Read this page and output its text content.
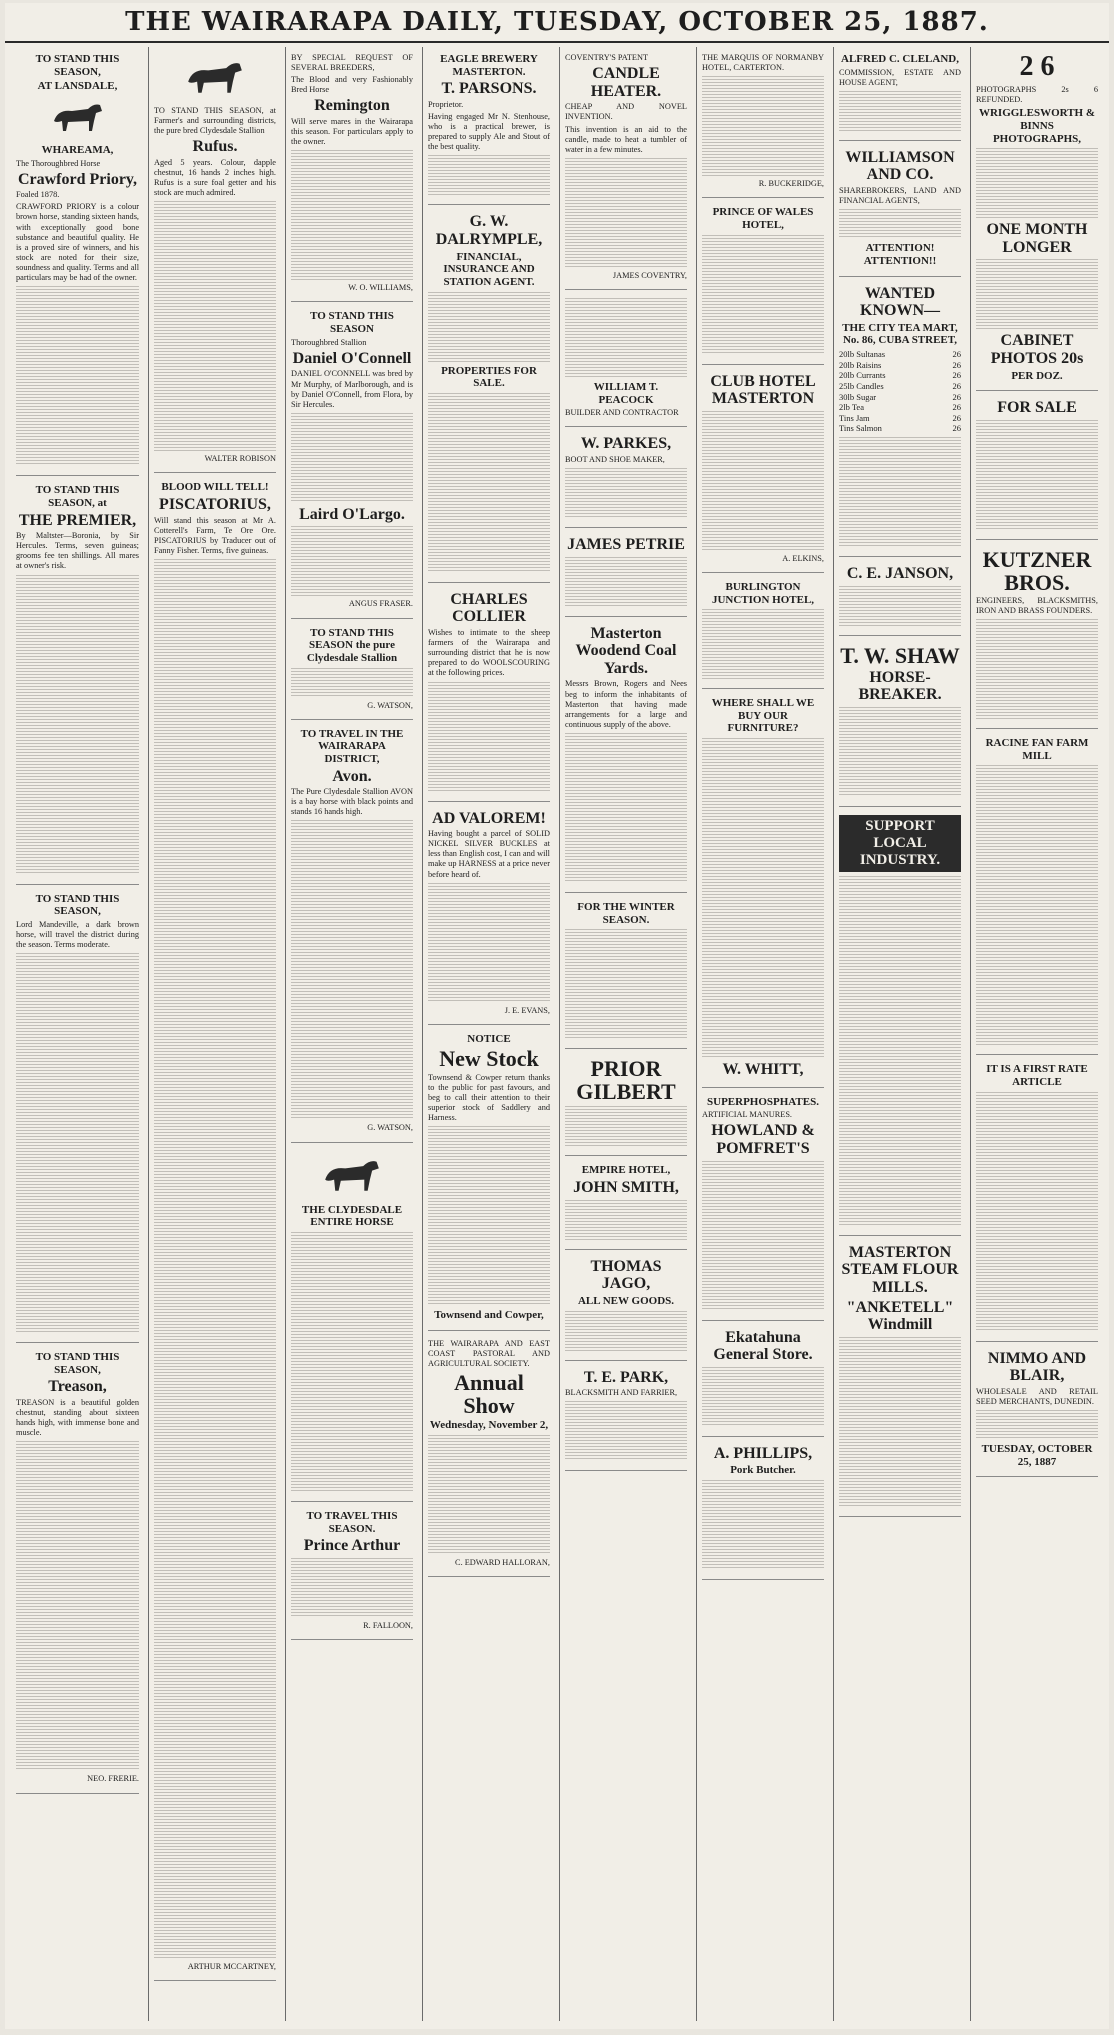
THE WAIRARAPA DAILY, TUESDAY, OCTOBER 25, 1887.
TO STAND THIS SEASON,
AT LANSDALE,
WHAREAMA,
The Thoroughbred Horse
Crawford Priory,
Foaled 1878.
CRAWFORD PRIORY is a colour brown horse, standing sixteen hands, with exceptionally good bone substance and beautiful quality. He is a proved sire of winners, and his stock are noted for their size, soundness and quality. Terms and all particulars may be had of the owner.
TO STAND THIS SEASON, at
THE PREMIER,
By Maltster—Boronia, by Sir Hercules. Terms, seven guineas; grooms fee ten shillings. All mares at owner's risk.
TO STAND THIS SEASON,
Lord Mandeville, a dark brown horse, will travel the district during the season. Terms moderate.
TO STAND THIS SEASON,
Treason,
TREASON is a beautiful golden chestnut, standing about sixteen hands high, with immense bone and muscle.
NEO. FRERIE.
TO STAND THIS SEASON, at Farmer's and surrounding districts, the pure bred Clydesdale Stallion
Rufus.
Aged 5 years. Colour, dapple chestnut, 16 hands 2 inches high. Rufus is a sure foal getter and his stock are much admired.
WALTER ROBISON
BLOOD WILL TELL!
PISCATORIUS,
Will stand this season at Mr A. Cotterell's Farm, Te Ore Ore. PISCATORIUS by Traducer out of Fanny Fisher. Terms, five guineas.
ARTHUR MCCARTNEY,
BY SPECIAL REQUEST OF SEVERAL BREEDERS,
The Blood and very Fashionably Bred Horse
Remington
Will serve mares in the Wairarapa this season. For particulars apply to the owner.
W. O. WILLIAMS,
TO STAND THIS SEASON
Thoroughbred Stallion
Daniel O'Connell
DANIEL O'CONNELL was bred by Mr Murphy, of Marlborough, and is by Daniel O'Connell, from Flora, by Sir Hercules.
Laird O'Largo.
ANGUS FRASER.
TO STAND THIS SEASON the pure Clydesdale Stallion
G. WATSON,
TO TRAVEL IN THE WAIRARAPA DISTRICT,
Avon.
The Pure Clydesdale Stallion AVON is a bay horse with black points and stands 16 hands high.
G. WATSON,
THE CLYDESDALE ENTIRE HORSE
TO TRAVEL THIS SEASON.
Prince Arthur
R. FALLOON,
EAGLE BREWERY MASTERTON.
T. PARSONS.
Proprietor.
Having engaged Mr N. Stenhouse, who is a practical brewer, is prepared to supply Ale and Stout of the best quality.
G. W. DALRYMPLE,
FINANCIAL, INSURANCE AND STATION AGENT.
PROPERTIES FOR SALE.
CHARLES COLLIER
Wishes to intimate to the sheep farmers of the Wairarapa and surrounding district that he is now prepared to do WOOLSCOURING at the following prices.
AD VALOREM!
Having bought a parcel of SOLID NICKEL SILVER BUCKLES at less than English cost, I can and will make up HARNESS at a price never before heard of.
J. E. EVANS,
NOTICE
New Stock
Townsend & Cowper return thanks to the public for past favours, and beg to call their attention to their superior stock of Saddlery and Harness.
Townsend and Cowper,
THE WAIRARAPA AND EAST COAST PASTORAL AND AGRICULTURAL SOCIETY.
Annual Show
Wednesday, November 2,
C. EDWARD HALLORAN,
COVENTRY'S PATENT
CANDLE HEATER.
CHEAP AND NOVEL INVENTION.
This invention is an aid to the candle, made to heat a tumbler of water in a few minutes.
JAMES COVENTRY,
WILLIAM T. PEACOCK
BUILDER AND CONTRACTOR
W. PARKES,
BOOT AND SHOE MAKER,
JAMES PETRIE
Masterton Woodend Coal Yards.
Messrs Brown, Rogers and Nees beg to inform the inhabitants of Masterton that having made arrangements for a large and continuous supply of the above.
FOR THE WINTER SEASON.
PRIOR GILBERT
EMPIRE HOTEL,
JOHN SMITH,
THOMAS JAGO,
ALL NEW GOODS.
T. E. PARK,
BLACKSMITH AND FARRIER,
THE MARQUIS OF NORMANBY HOTEL, CARTERTON.
R. BUCKERIDGE,
PRINCE OF WALES HOTEL,
CLUB HOTEL MASTERTON
A. ELKINS,
BURLINGTON JUNCTION HOTEL,
WHERE SHALL WE BUY OUR FURNITURE?
W. WHITT,
SUPERPHOSPHATES.
ARTIFICIAL MANURES.
HOWLAND & POMFRET'S
Ekatahuna General Store.
A. PHILLIPS,
Pork Butcher.
ALFRED C. CLELAND,
COMMISSION, ESTATE AND HOUSE AGENT,
WILLIAMSON AND CO.
SHAREBROKERS, LAND AND FINANCIAL AGENTS,
ATTENTION! ATTENTION!!
WANTED KNOWN—
THE CITY TEA MART, No. 86, CUBA STREET,
20lb Sultanas	26
20lb Raisins	26
20lb Currants	26
25lb Candles	26
30lb Sugar	26
2lb Tea	26
Tins Jam	26
Tins Salmon	26
C. E. JANSON,
T. W. SHAW
HORSE-BREAKER.
SUPPORT LOCAL INDUSTRY.
MASTERTON STEAM FLOUR MILLS.
"ANKETELL" Windmill
2 6
PHOTOGRAPHS 2s 6 REFUNDED.
WRIGGLESWORTH & BINNS PHOTOGRAPHS,
ONE MONTH LONGER
CABINET PHOTOS 20s
PER DOZ.
FOR SALE
KUTZNER BROS.
ENGINEERS, BLACKSMITHS, IRON AND BRASS FOUNDERS.
RACINE FAN FARM MILL
IT IS A FIRST RATE ARTICLE
NIMMO AND BLAIR,
WHOLESALE AND RETAIL SEED MERCHANTS, DUNEDIN.
TUESDAY, OCTOBER 25, 1887
